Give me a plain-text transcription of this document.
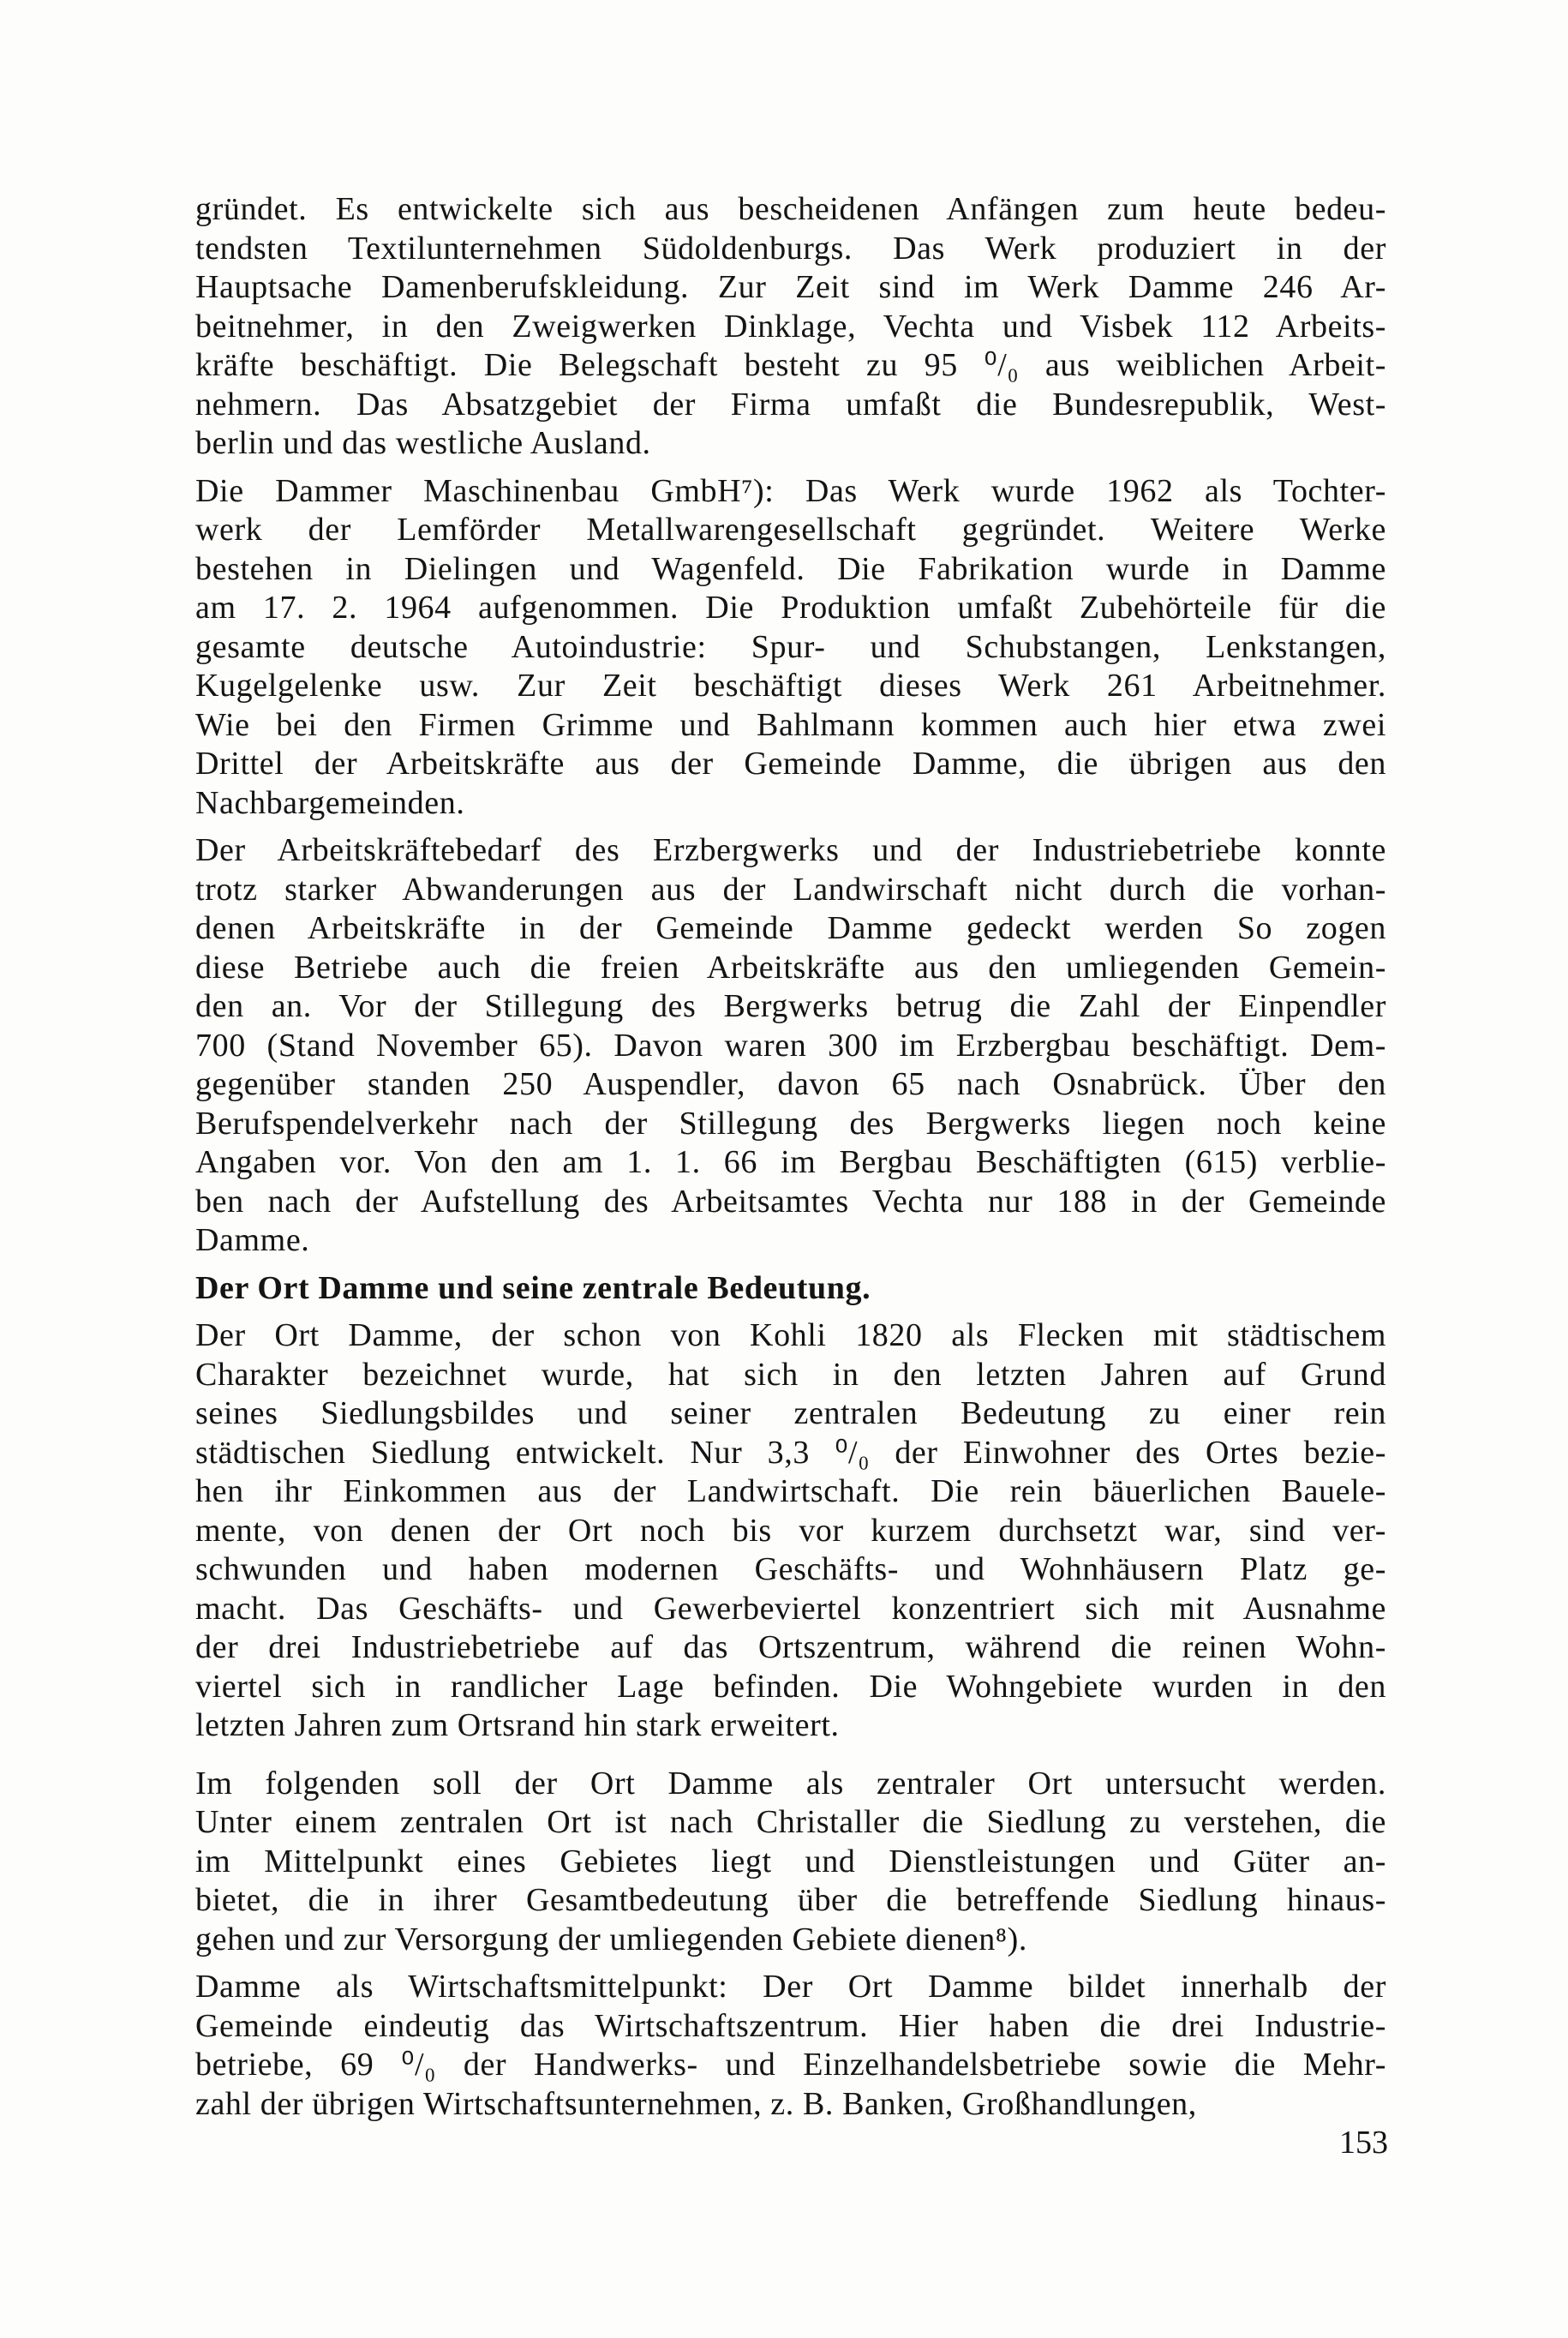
gründet. Es entwickelte sich aus bescheidenen Anfängen zum heute bedeu-
tendsten Textilunternehmen Südoldenburgs. Das Werk produziert in der
Hauptsache Damenberufskleidung. Zur Zeit sind im Werk Damme 246 Ar-
beitnehmer, in den Zweigwerken Dinklage, Vechta und Visbek 112 Arbeits-
kräfte beschäftigt. Die Belegschaft besteht zu 95 ⁰/₀ aus weiblichen Arbeit-
nehmern. Das Absatzgebiet der Firma umfaßt die Bundesrepublik, West-
berlin und das westliche Ausland.
Die Dammer Maschinenbau GmbH⁷): Das Werk wurde 1962 als Tochter-
werk der Lemförder Metallwarengesellschaft gegründet. Weitere Werke
bestehen in Dielingen und Wagenfeld. Die Fabrikation wurde in Damme
am 17. 2. 1964 aufgenommen. Die Produktion umfaßt Zubehörteile für die
gesamte deutsche Autoindustrie: Spur- und Schubstangen, Lenkstangen,
Kugelgelenke usw. Zur Zeit beschäftigt dieses Werk 261 Arbeitnehmer.
Wie bei den Firmen Grimme und Bahlmann kommen auch hier etwa zwei
Drittel der Arbeitskräfte aus der Gemeinde Damme, die übrigen aus den
Nachbargemeinden.
Der Arbeitskräftebedarf des Erzbergwerks und der Industriebetriebe konnte
trotz starker Abwanderungen aus der Landwirschaft nicht durch die vorhan-
denen Arbeitskräfte in der Gemeinde Damme gedeckt werden So zogen
diese Betriebe auch die freien Arbeitskräfte aus den umliegenden Gemein-
den an. Vor der Stillegung des Bergwerks betrug die Zahl der Einpendler
700 (Stand November 65). Davon waren 300 im Erzbergbau beschäftigt. Dem-
gegenüber standen 250 Auspendler, davon 65 nach Osnabrück. Über den
Berufspendelverkehr nach der Stillegung des Bergwerks liegen noch keine
Angaben vor. Von den am 1. 1. 66 im Bergbau Beschäftigten (615) verblie-
ben nach der Aufstellung des Arbeitsamtes Vechta nur 188 in der Gemeinde
Damme.
Der Ort Damme und seine zentrale Bedeutung.
Der Ort Damme, der schon von Kohli 1820 als Flecken mit städtischem
Charakter bezeichnet wurde, hat sich in den letzten Jahren auf Grund
seines Siedlungsbildes und seiner zentralen Bedeutung zu einer rein
städtischen Siedlung entwickelt. Nur 3,3 ⁰/₀ der Einwohner des Ortes bezie-
hen ihr Einkommen aus der Landwirtschaft. Die rein bäuerlichen Bauele-
mente, von denen der Ort noch bis vor kurzem durchsetzt war, sind ver-
schwunden und haben modernen Geschäfts- und Wohnhäusern Platz ge-
macht. Das Geschäfts- und Gewerbeviertel konzentriert sich mit Ausnahme
der drei Industriebetriebe auf das Ortszentrum, während die reinen Wohn-
viertel sich in randlicher Lage befinden. Die Wohngebiete wurden in den
letzten Jahren zum Ortsrand hin stark erweitert.
Im folgenden soll der Ort Damme als zentraler Ort untersucht werden.
Unter einem zentralen Ort ist nach Christaller die Siedlung zu verstehen, die
im Mittelpunkt eines Gebietes liegt und Dienstleistungen und Güter an-
bietet, die in ihrer Gesamtbedeutung über die betreffende Siedlung hinaus-
gehen und zur Versorgung der umliegenden Gebiete dienen⁸).
Damme als Wirtschaftsmittelpunkt: Der Ort Damme bildet innerhalb der
Gemeinde eindeutig das Wirtschaftszentrum. Hier haben die drei Industrie-
betriebe, 69 ⁰/₀ der Handwerks- und Einzelhandelsbetriebe sowie die Mehr-
zahl der übrigen Wirtschaftsunternehmen, z. B. Banken, Großhandlungen,
153
